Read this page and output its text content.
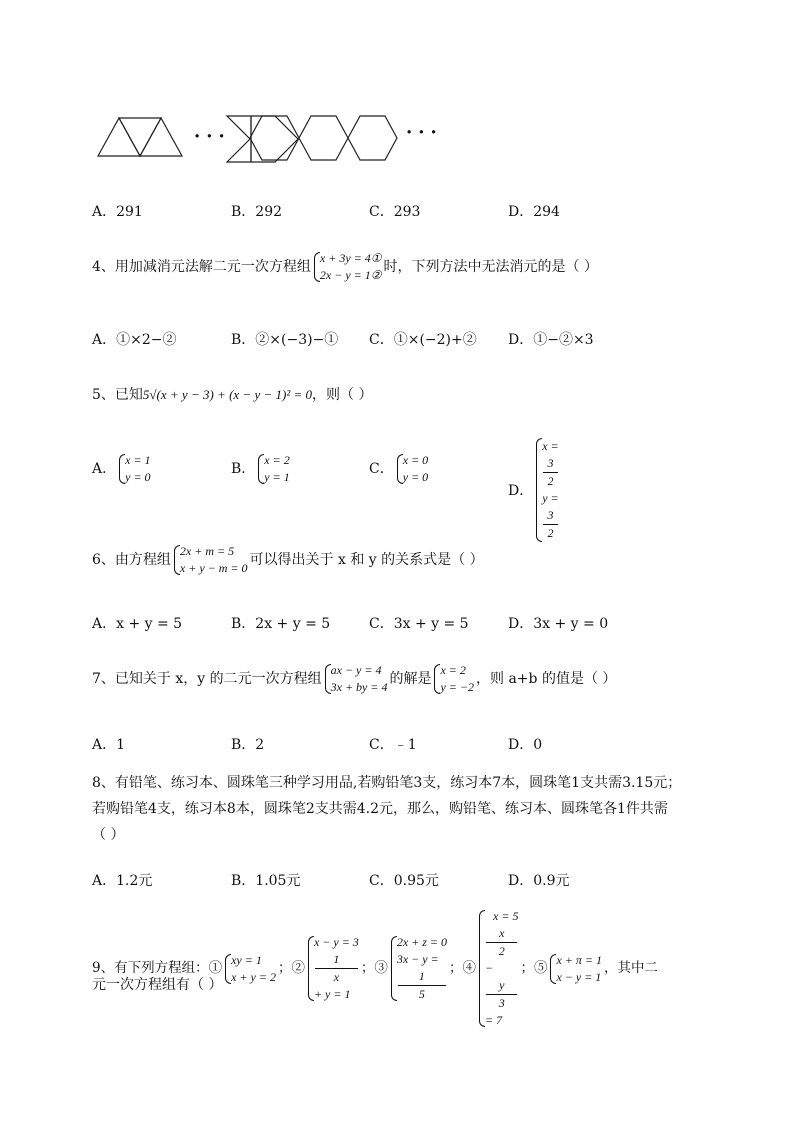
···	···
A．291	B．292	C．293	D．294
4、用加减消元法解二元一次方程组
x + 3y = 4①
2x − y = 1② 时，下列方法中无法消元的是（ ）
A．①×2−②	B．②×(−3)−① C．①×(−2)+② D．①−②×3
5、已知5√(x + y − 3) + (x − y − 1)² = 0，则（ ）
A．
x = 1
y = 0	B．
x = 2
y = 1	C．
x = 0
y = 0
D．
x =
3
2
y =
3
2
6、由方程组
2x + m = 5
x + y − m = 0 可以得出关于 x 和 y 的关系式是（ ）
A．x + y = 5	B．2x + y = 5	C．3x + y = 5	D．3x + y = 0
7、已知关于 x，y 的二元一次方程组
ax − y = 4
3x + by = 4 的解是
x = 2
y = −2 ，则 a+b 的值是（ ）
A．1	B．2	C．﹣1	D．0
8、有铅笔、练习本、圆珠笔三种学习用品,若购铅笔3支，练习本7本，圆珠笔1支共需3.15元；
若购铅笔4支，练习本8本，圆珠笔2支共需4.2元，那么，购铅笔、练习本、圆珠笔各1件共需
（ ）
A．1.2元	B．1.05元	C．0.95元	D．0.9元
9、有下列方程组：①
xy = 1
x + y = 2
；②
x − y = 3
1
x
+ y = 1
；③
2x + z = 0
3x − y =
1
5
；④
x = 5
x
2
−
y
3
= 7
；⑤
x + π = 1
x − y = 1
，其中二
元一次方程组有（ ）
